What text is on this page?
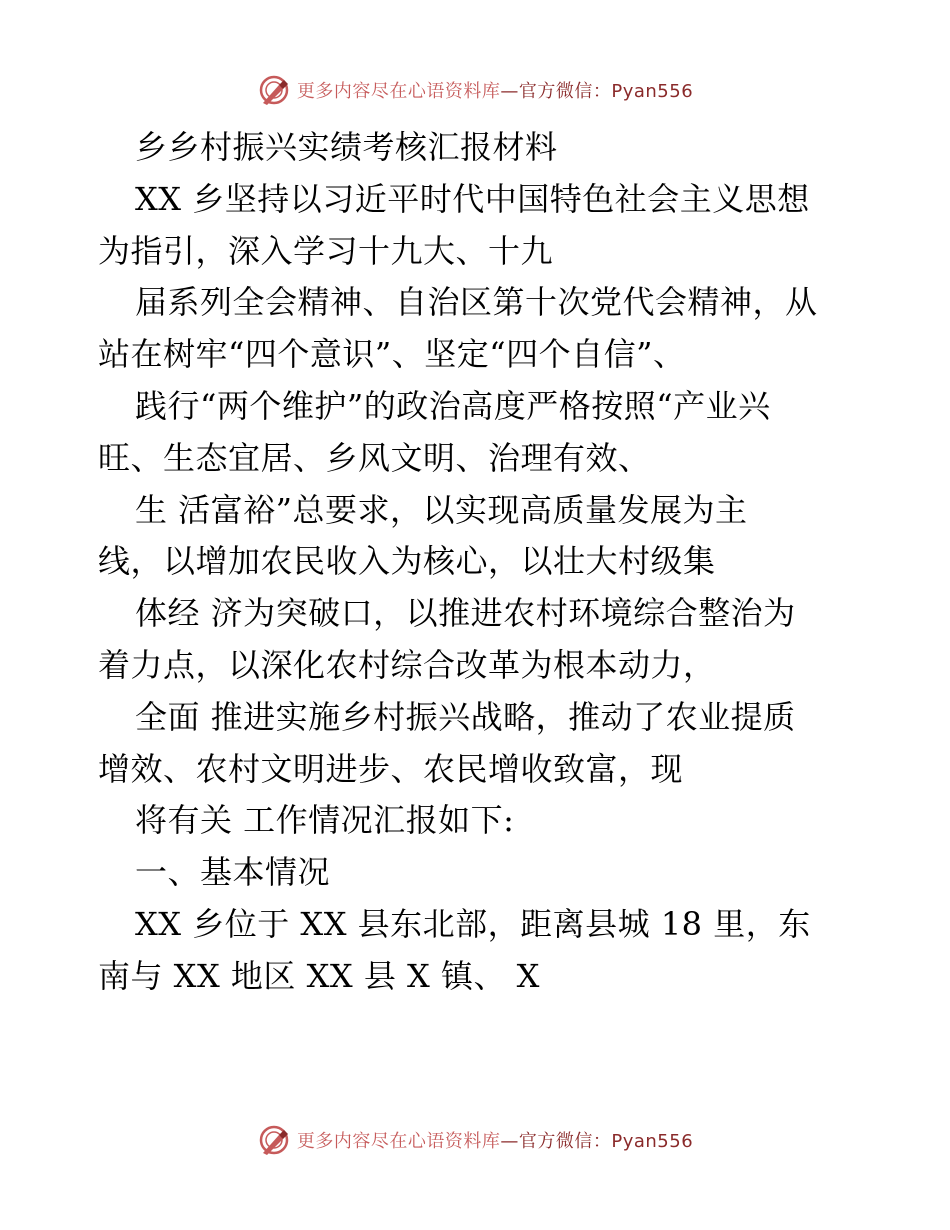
更多内容尽在心语资料库 —官方微信：Pyan556
乡乡村振兴实绩考核汇报材料
XX 乡坚持以习近平时代中国特色社会主义思想
为指引，深入学习十九大、十九
届系列全会精神、自治区第十次党代会精神，从
站在树牢“四个意识”、坚定“四个自信”、
践行“两个维护”的政治高度严格按照“产业兴
旺、生态宜居、乡风文明、治理有效、
生 活富裕”总要求，以实现高质量发展为主
线，以增加农民收入为核心，以壮大村级集
体经 济为突破口，以推进农村环境综合整治为
着力点，以深化农村综合改革为根本动力，
全面 推进实施乡村振兴战略，推动了农业提质
增效、农村文明进步、农民增收致富，现
将有关 工作情况汇报如下:
一、基本情况
XX 乡位于 XX 县东北部，距离县城 18 里，东
南与 XX 地区 XX 县 X 镇、 X
更多内容尽在心语资料库 —官方微信：Pyan556
